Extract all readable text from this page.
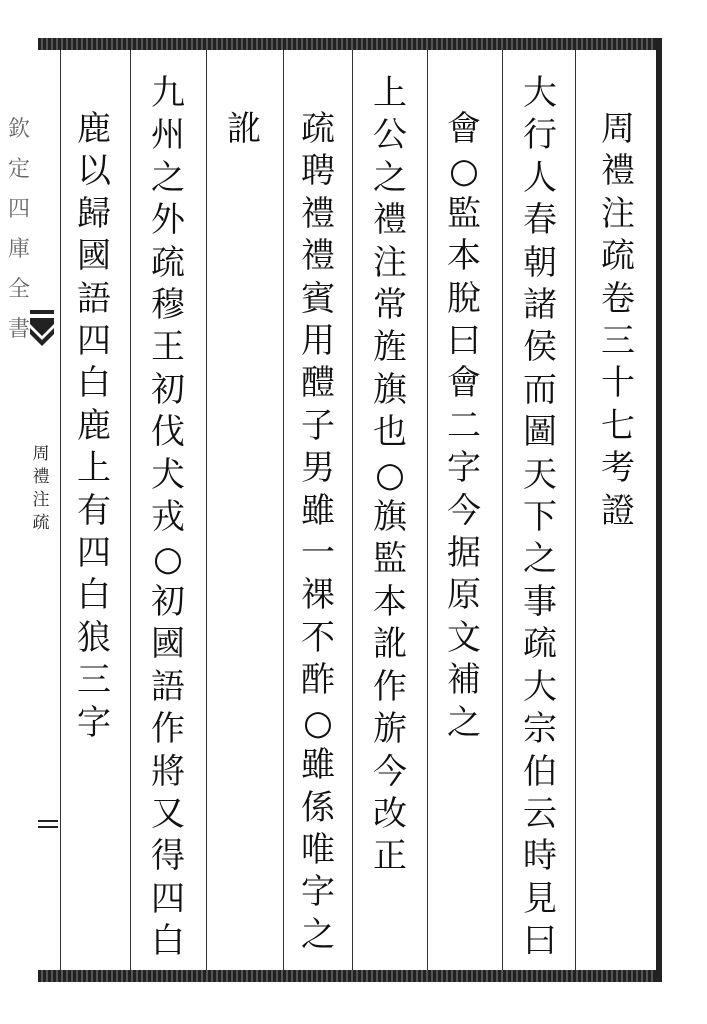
欽
定
四
庫
全
書
周
禮
注
疏
周
禮
注
疏
卷
三
十
七
考
證
大
行
人
春
朝
諸
侯
而
圖
天
下
之
事
疏
大
宗
伯
云
時
見
曰
會
○
監
本
脫
曰
會
二
字
今
据
原
文
補
之
上
公
之
禮
注
常
旌
旗
也
○
旗
監
本
訛
作
旂
今
改
正
疏
聘
禮
禮
賓
用
醴
子
男
雖
一
祼
不
酢
○
雖
係
唯
字
之
訛
九
州
之
外
疏
穆
王
初
伐
犬
戎
○
初
國
語
作
將
又
得
四
白
鹿
以
歸
國
語
四
白
鹿
上
有
四
白
狼
三
字
